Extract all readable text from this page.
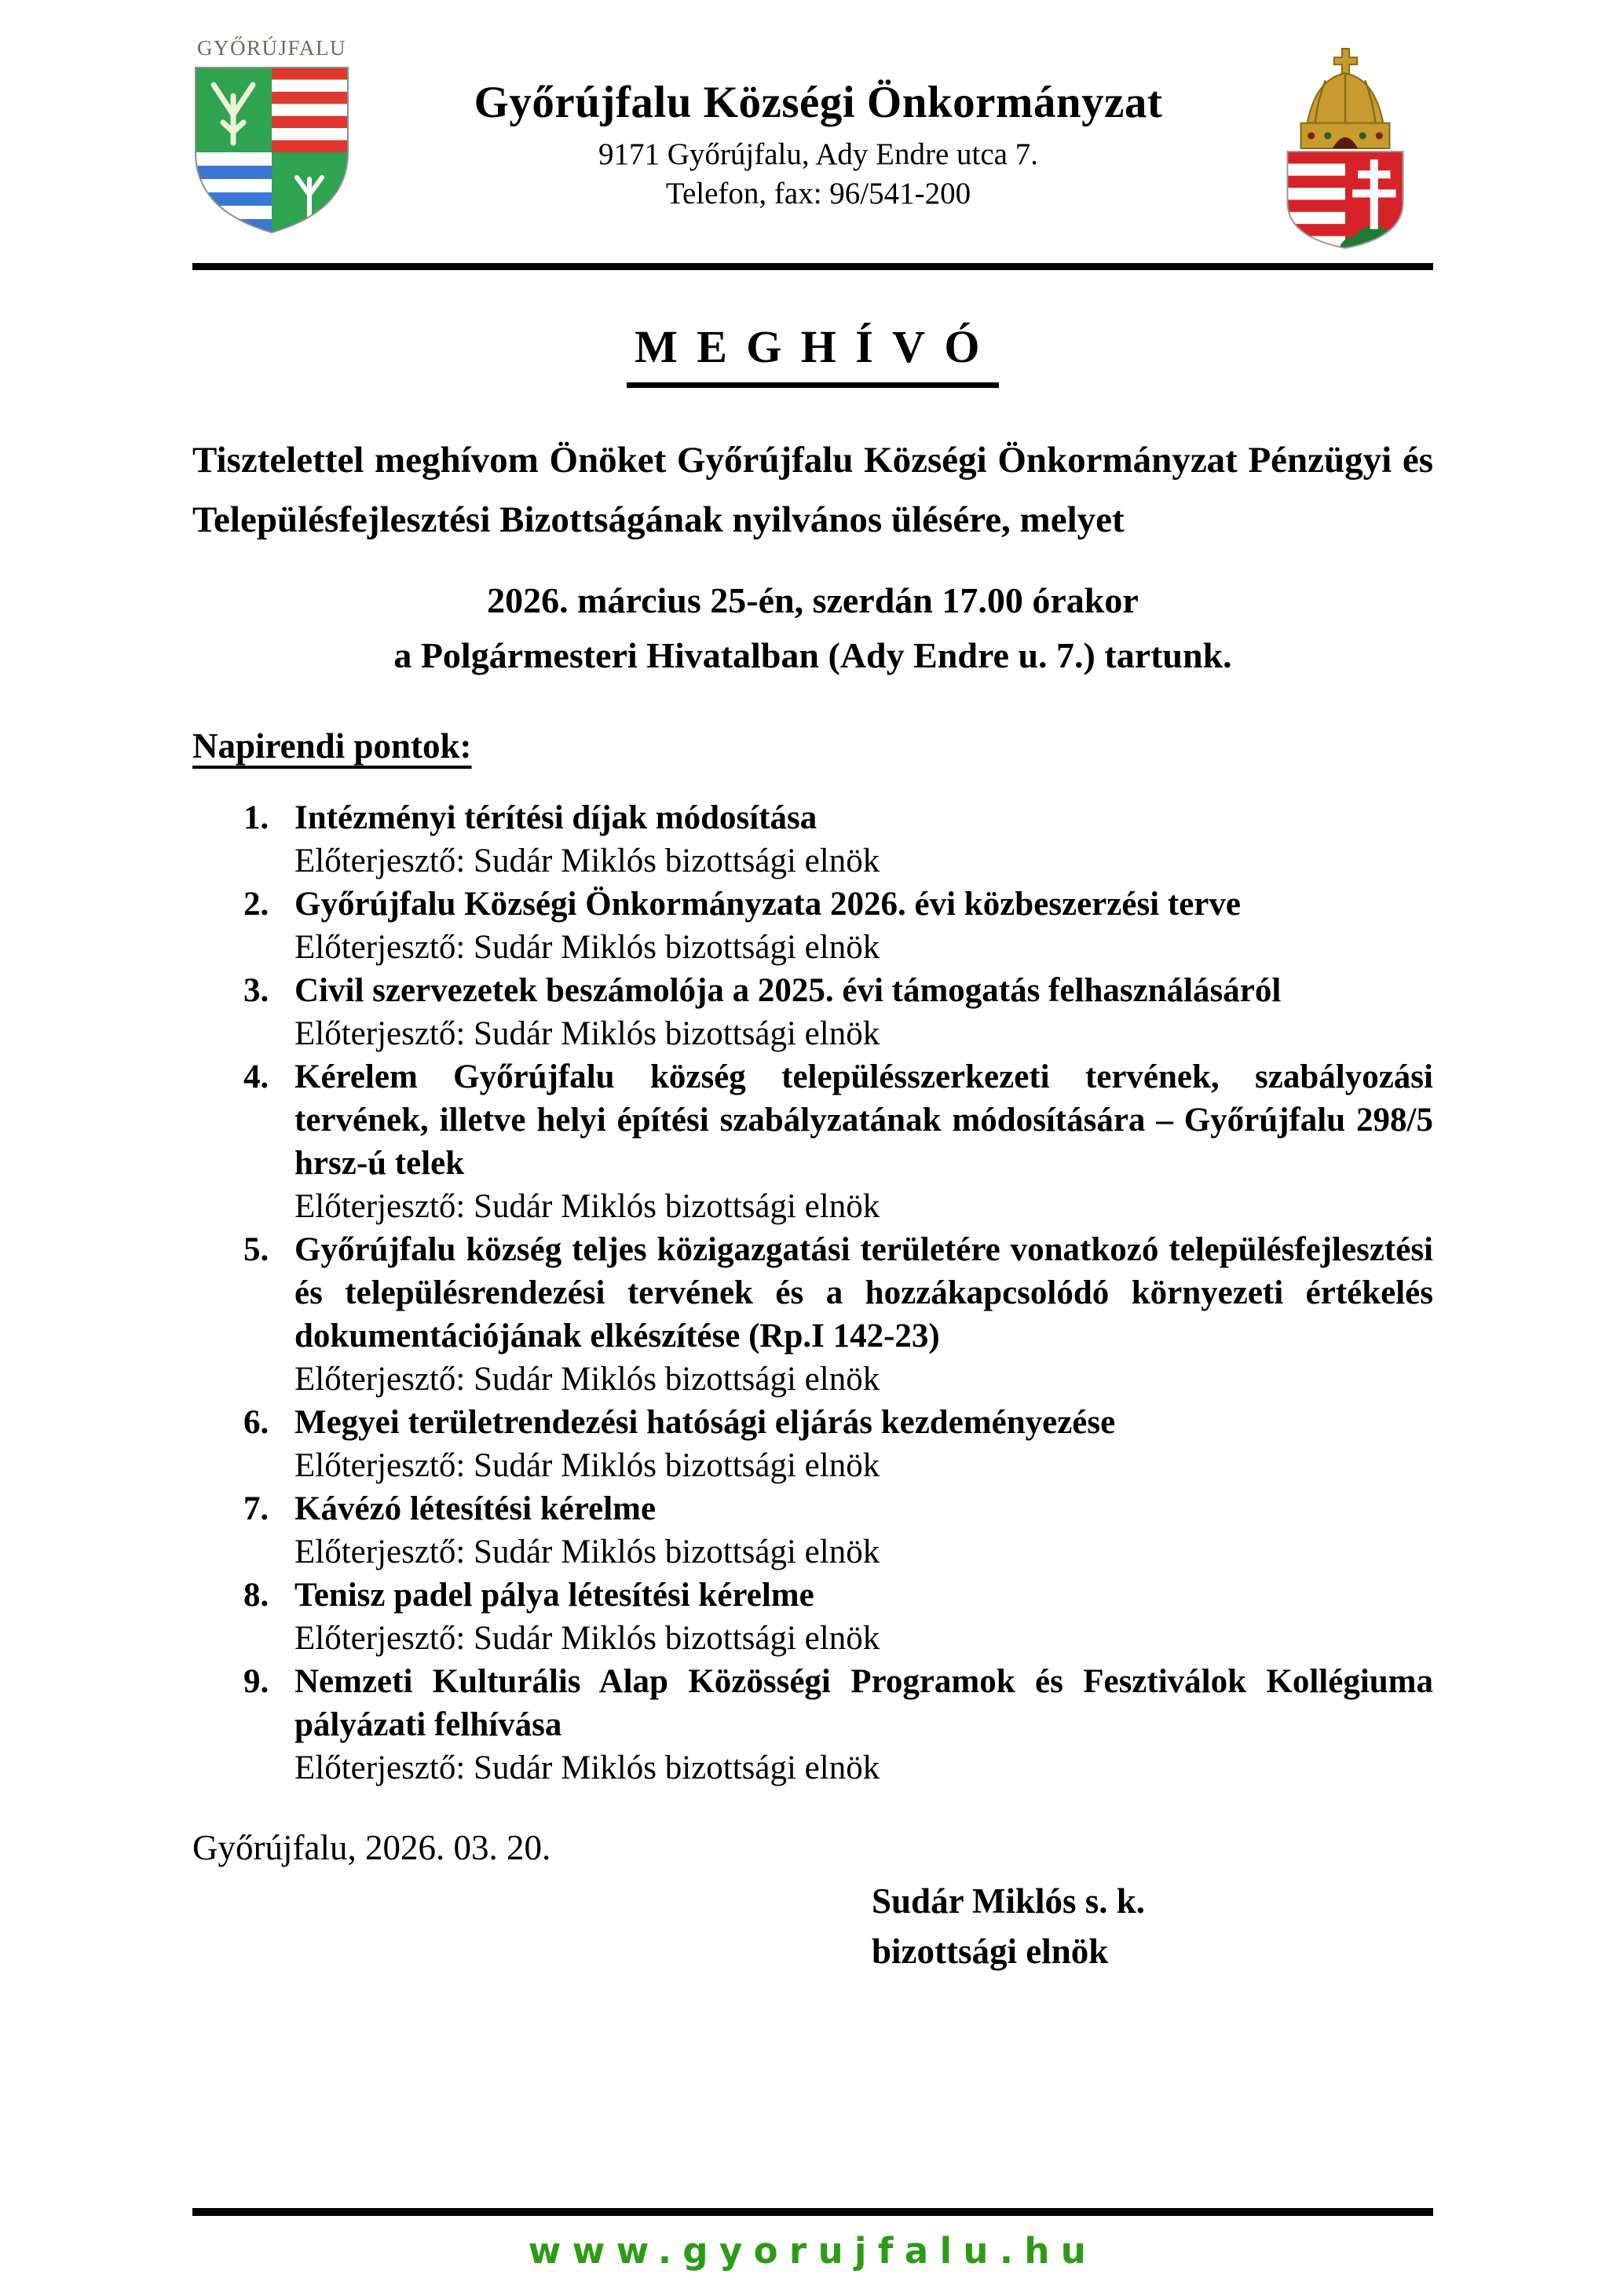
GYŐRÚJFALU
Győrújfalu Községi Önkormányzat
9171 Győrújfalu, Ady Endre utca 7.
Telefon, fax: 96/541-200
MEGHÍVÓ

Tisztelettel meghívom Önöket Győrújfalu Községi Önkormányzat Pénzügyi és Településfejlesztési Bizottságának nyilvános ülésére, melyet

2026. március 25-én, szerdán 17.00 órakor
a Polgármesteri Hivatalban (Ady Endre u. 7.) tartunk.
Napirendi pontok:
1. Intézményi térítési díjak módosítása
Előterjesztő: Sudár Miklós bizottsági elnök
2. Győrújfalu Községi Önkormányzata 2026. évi közbeszerzési terve
Előterjesztő: Sudár Miklós bizottsági elnök
3. Civil szervezetek beszámolója a 2025. évi támogatás felhasználásáról
Előterjesztő: Sudár Miklós bizottsági elnök
4. Kérelem Győrújfalu község településszerkezeti tervének, szabályozási tervének, illetve helyi építési szabályzatának módosítására – Győrújfalu 298/5 hrsz-ú telek
Előterjesztő: Sudár Miklós bizottsági elnök
5. Győrújfalu község teljes közigazgatási területére vonatkozó településfejlesztési és településrendezési tervének és a hozzákapcsolódó környezeti értékelés dokumentációjának elkészítése (Rp.I 142-23)
Előterjesztő: Sudár Miklós bizottsági elnök
6. Megyei területrendezési hatósági eljárás kezdeményezése
Előterjesztő: Sudár Miklós bizottsági elnök
7. Kávézó létesítési kérelme
Előterjesztő: Sudár Miklós bizottsági elnök
8. Tenisz padel pálya létesítési kérelme
Előterjesztő: Sudár Miklós bizottsági elnök
9. Nemzeti Kulturális Alap Közösségi Programok és Fesztiválok Kollégiuma pályázati felhívása
Előterjesztő: Sudár Miklós bizottsági elnök
Győrújfalu, 2026. 03. 20.
Sudár Miklós s. k.
bizottsági elnök
www.gyorujfalu.hu
